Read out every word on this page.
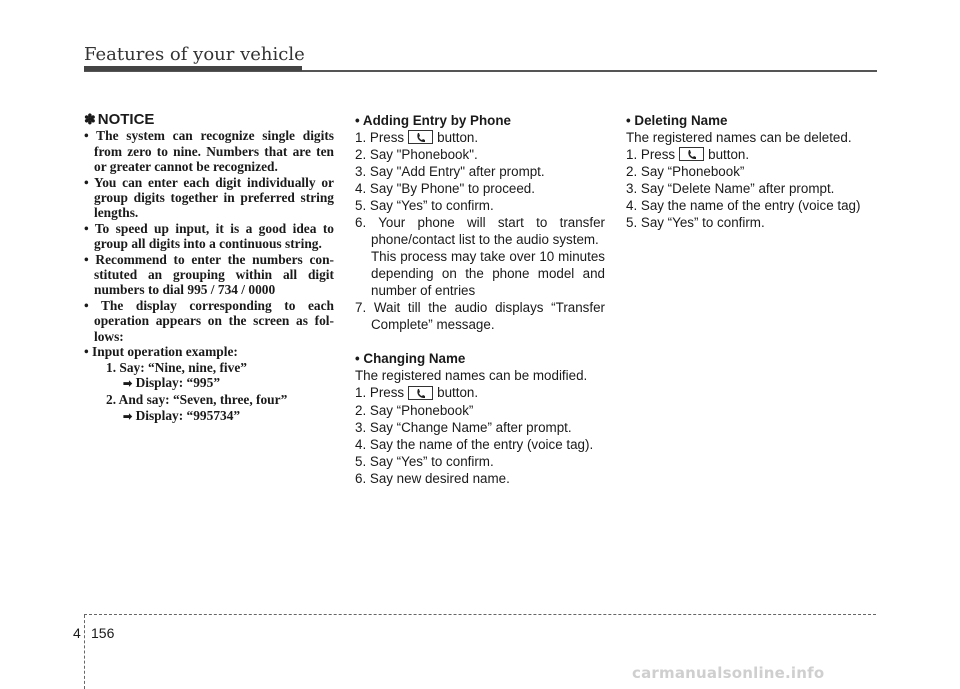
Features of your vehicle
✽ NOTICE
• The system can recognize single digits from zero to nine. Numbers that are ten or greater cannot be recognized.
• You can enter each digit individually or group digits together in preferred string lengths.
• To speed up input, it is a good idea to group all digits into a continuous string.
• Recommend to enter the numbers con-stituted an grouping within all digit numbers to dial 995 / 734 / 0000
• The display corresponding to each operation appears on the screen as fol-lows:
• Input operation example:
1. Say: “Nine, nine, five”
➡ Display: “995”
2. And say: “Seven, three, four”
➡ Display: “995734”
• Adding Entry by Phone
1. Press button.
2. Say "Phonebook".
3. Say "Add Entry" after prompt.
4. Say "By Phone" to proceed.
5. Say “Yes” to confirm.
6. Your phone will start to transfer phone/contact list to the audio system.
This process may take over 10 minutes depending on the phone model and number of entries
7. Wait till the audio displays “Transfer Complete” message.
• Changing Name
The registered names can be modified.
1. Press button.
2. Say “Phonebook”
3. Say “Change Name” after prompt.
4. Say the name of the entry (voice tag).
5. Say “Yes” to confirm.
6. Say new desired name.
• Deleting Name
The registered names can be deleted.
1. Press button.
2. Say “Phonebook”
3. Say “Delete Name” after prompt.
4. Say the name of the entry (voice tag)
5. Say “Yes” to confirm.
4 156
carmanualsonline.info
